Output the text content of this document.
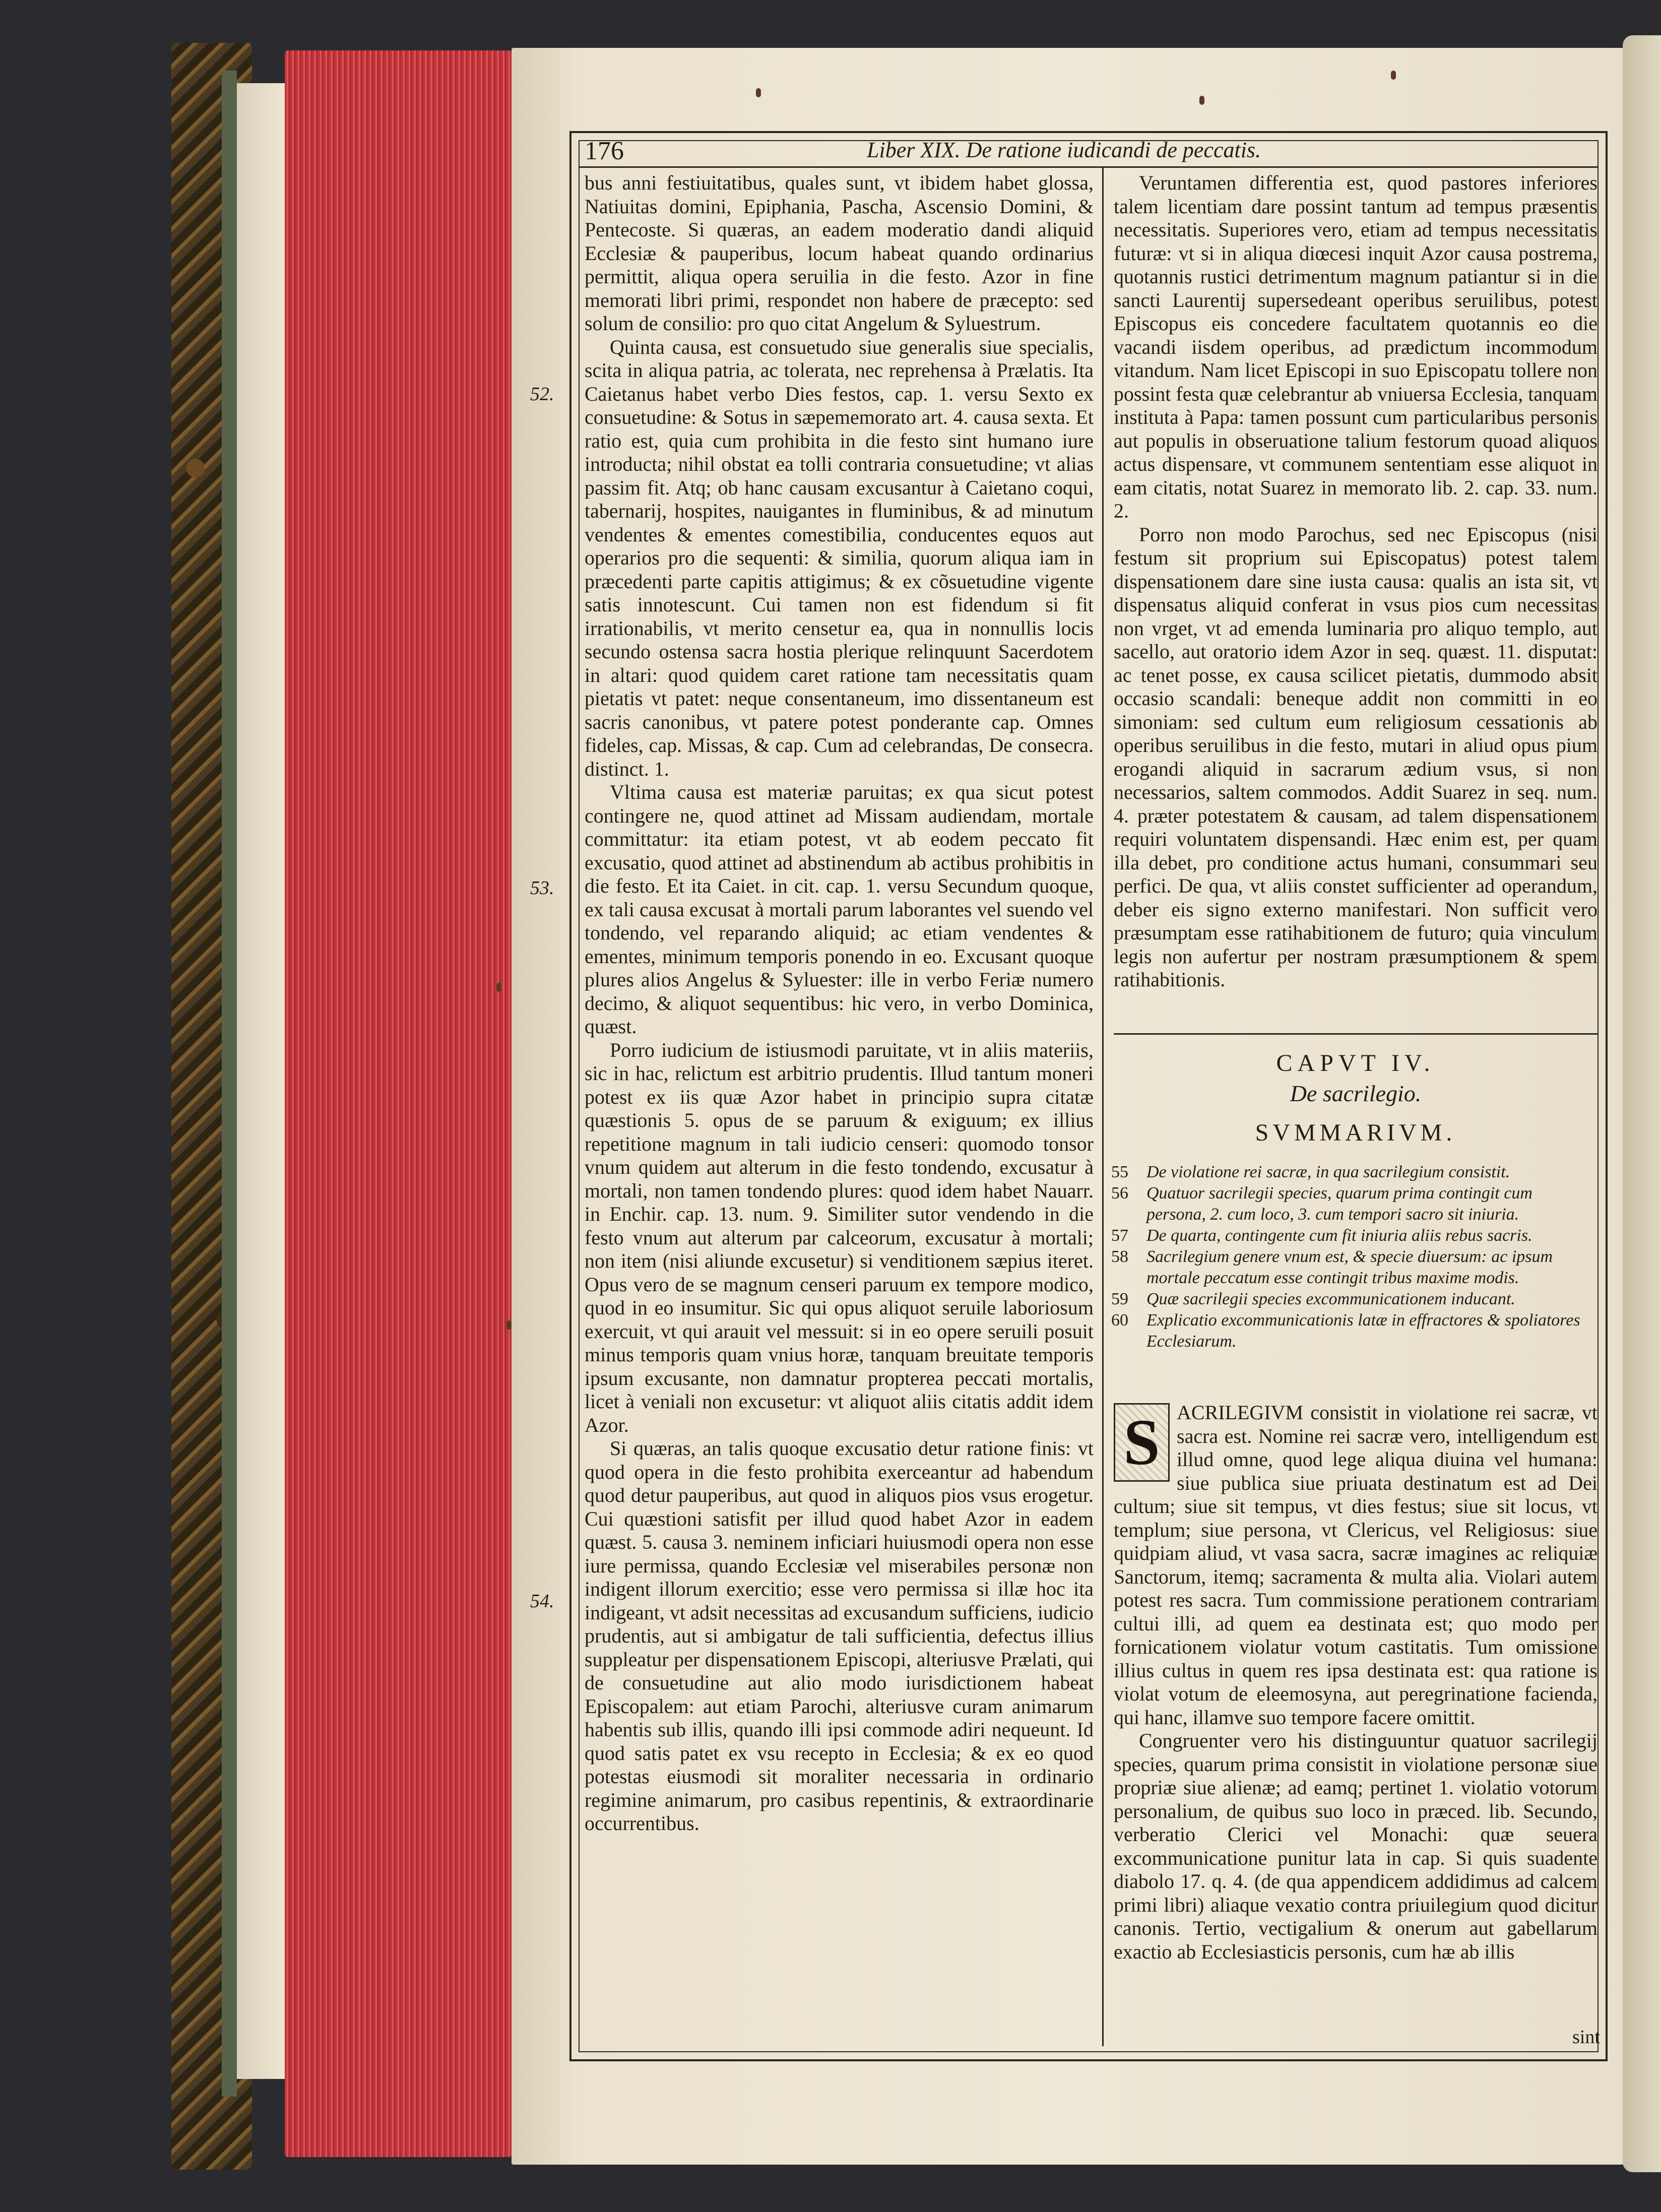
176	Liber XIX. De ratione iudicandi de peccatis.
52.
53.
54.

bus anni festiuitatibus, quales sunt, vt ibidem habet glossa, Natiuitas domini, Epiphania, Pascha, Ascensio Domini, & Pentecoste. Si quæras, an eadem moderatio dandi aliquid Ecclesiæ & pauperibus, locum habeat quando ordinarius permittit, aliqua opera seruilia in die festo. Azor in fine memorati libri primi, respondet non habere de præcepto: sed solum de consilio: pro quo citat Angelum & Syluestrum.

Quinta causa, est consuetudo siue generalis siue specialis, scita in aliqua patria, ac tolerata, nec reprehensa à Prælatis. Ita Caietanus habet verbo Dies festos, cap. 1. versu Sexto ex consuetudine: & Sotus in sæpememorato art. 4. causa sexta. Et ratio est, quia cum prohibita in die festo sint humano iure introducta; nihil obstat ea tolli contraria consuetudine; vt alias passim fit. Atq; ob hanc causam excusantur à Caietano coqui, tabernarij, hospites, nauigantes in fluminibus, & ad minutum vendentes & ementes comestibilia, conducentes equos aut operarios pro die sequenti: & similia, quorum aliqua iam in præcedenti parte capitis attigimus; & ex cõsuetudine vigente satis innotescunt. Cui tamen non est fidendum si fit irrationabilis, vt merito censetur ea, qua in nonnullis locis secundo ostensa sacra hostia plerique relinquunt Sacerdotem in altari: quod quidem caret ratione tam necessitatis quam pietatis vt patet: neque consentaneum, imo dissentaneum est sacris canonibus, vt patere potest ponderante cap. Omnes fideles, cap. Missas, & cap. Cum ad celebrandas, De consecra. distinct. 1.

Vltima causa est materiæ paruitas; ex qua sicut potest contingere ne, quod attinet ad Missam audiendam, mortale committatur: ita etiam potest, vt ab eodem peccato fit excusatio, quod attinet ad abstinendum ab actibus prohibitis in die festo. Et ita Caiet. in cit. cap. 1. versu Secundum quoque, ex tali causa excusat à mortali parum laborantes vel suendo vel tondendo, vel reparando aliquid; ac etiam vendentes & ementes, minimum temporis ponendo in eo. Excusant quoque plures alios Angelus & Syluester: ille in verbo Feriæ numero decimo, & aliquot sequentibus: hic vero, in verbo Dominica, quæst.

Porro iudicium de istiusmodi paruitate, vt in aliis materiis, sic in hac, relictum est arbitrio prudentis. Illud tantum moneri potest ex iis quæ Azor habet in principio supra citatæ quæstionis 5. opus de se paruum & exiguum; ex illius repetitione magnum in tali iudicio censeri: quomodo tonsor vnum quidem aut alterum in die festo tondendo, excusatur à mortali, non tamen tondendo plures: quod idem habet Nauarr. in Enchir. cap. 13. num. 9. Similiter sutor vendendo in die festo vnum aut alterum par calceorum, excusatur à mortali; non item (nisi aliunde excusetur) si venditionem sæpius iteret. Opus vero de se magnum censeri paruum ex tempore modico, quod in eo insumitur. Sic qui opus aliquot seruile laboriosum exercuit, vt qui arauit vel messuit: si in eo opere seruili posuit minus temporis quam vnius horæ, tanquam breuitate temporis ipsum excusante, non damnatur propterea peccati mortalis, licet à veniali non excusetur: vt aliquot aliis citatis addit idem Azor.

Si quæras, an talis quoque excusatio detur ratione finis: vt quod opera in die festo prohibita exerceantur ad habendum quod detur pauperibus, aut quod in aliquos pios vsus erogetur. Cui quæstioni satisfit per illud quod habet Azor in eadem quæst. 5. causa 3. neminem inficiari huiusmodi opera non esse iure permissa, quando Ecclesiæ vel miserabiles personæ non indigent illorum exercitio; esse vero permissa si illæ hoc ita indigeant, vt adsit necessitas ad excusandum sufficiens, iudicio prudentis, aut si ambigatur de tali sufficientia, defectus illius suppleatur per dispensationem Episcopi, alteriusve Prælati, qui de consuetudine aut alio modo iurisdictionem habeat Episcopalem: aut etiam Parochi, alteriusve curam animarum habentis sub illis, quando illi ipsi commode adiri nequeunt. Id quod satis patet ex vsu recepto in Ecclesia; & ex eo quod potestas eiusmodi sit moraliter necessaria in ordinario regimine animarum, pro casibus repentinis, & extraordinarie occurrentibus.

Veruntamen differentia est, quod pastores inferiores talem licentiam dare possint tantum ad tempus præsentis necessitatis. Superiores vero, etiam ad tempus necessitatis futuræ: vt si in aliqua diœcesi inquit Azor causa postrema, quotannis rustici detrimentum magnum patiantur si in die sancti Laurentij supersedeant operibus seruilibus, potest Episcopus eis concedere facultatem quotannis eo die vacandi iisdem operibus, ad prædictum incommodum vitandum. Nam licet Episcopi in suo Episcopatu tollere non possint festa quæ celebrantur ab vniuersa Ecclesia, tanquam instituta à Papa: tamen possunt cum particularibus personis aut populis in obseruatione talium festorum quoad aliquos actus dispensare, vt communem sententiam esse aliquot in eam citatis, notat Suarez in memorato lib. 2. cap. 33. num. 2.

Porro non modo Parochus, sed nec Episcopus (nisi festum sit proprium sui Episcopatus) potest talem dispensationem dare sine iusta causa: qualis an ista sit, vt dispensatus aliquid conferat in vsus pios cum necessitas non vrget, vt ad emenda luminaria pro aliquo templo, aut sacello, aut oratorio idem Azor in seq. quæst. 11. disputat: ac tenet posse, ex causa scilicet pietatis, dummodo absit occasio scandali: beneque addit non committi in eo simoniam: sed cultum eum religiosum cessationis ab operibus seruilibus in die festo, mutari in aliud opus pium erogandi aliquid in sacrarum ædium vsus, si non necessarios, saltem commodos. Addit Suarez in seq. num. 4. præter potestatem & causam, ad talem dispensationem requiri voluntatem dispensandi. Hæc enim est, per quam illa debet, pro conditione actus humani, consummari seu perfici. De qua, vt aliis constet sufficienter ad operandum, deber eis signo externo manifestari. Non sufficit vero præsumptam esse ratihabitionem de futuro; quia vinculum legis non aufertur per nostram præsumptionem & spem ratihabitionis.

CAPVT IV.

De sacrilegio.

SVMMARIVM.

55 De violatione rei sacræ, in qua sacrilegium consistit.
56 Quatuor sacrilegii species, quarum prima contingit cum persona, 2. cum loco, 3. cum tempori sacro sit iniuria.
57 De quarta, contingente cum fit iniuria aliis rebus sacris.
58 Sacrilegium genere vnum est, & specie diuersum: ac ipsum mortale peccatum esse contingit tribus maxime modis.
59 Quæ sacrilegii species excommunicationem inducant.
60 Explicatio excommunicationis latæ in effractores & spoliatores Ecclesiarum.
S ACRILEGIVM consistit in violatione rei sacræ, vt sacra est. Nomine rei sacræ vero, intelligendum est illud omne, quod lege aliqua diuina vel humana: siue publica siue priuata destinatum est ad Dei cultum; siue sit tempus, vt dies festus; siue sit locus, vt templum; siue persona, vt Clericus, vel Religiosus: siue quidpiam aliud, vt vasa sacra, sacræ imagines ac reliquiæ Sanctorum, itemq; sacramenta & multa alia. Violari autem potest res sacra. Tum commissione perationem contrariam cultui illi, ad quem ea destinata est; quo modo per fornicationem violatur votum castitatis. Tum omissione illius cultus in quem res ipsa destinata est: qua ratione is violat votum de eleemosyna, aut peregrinatione facienda, qui hanc, illamve suo tempore facere omittit.

Congruenter vero his distinguuntur quatuor sacrilegij species, quarum prima consistit in violatione personæ siue propriæ siue alienæ; ad eamq; pertinet 1. violatio votorum personalium, de quibus suo loco in præced. lib. Secundo, verberatio Clerici vel Monachi: quæ seuera excommunicatione punitur lata in cap. Si quis suadente diabolo 17. q. 4. (de qua appendicem addidimus ad calcem primi libri) aliaque vexatio contra priuilegium quod dicitur canonis. Tertio, vectigalium & onerum aut gabellarum exactio ab Ecclesiasticis personis, cum hæ ab illis

sint
